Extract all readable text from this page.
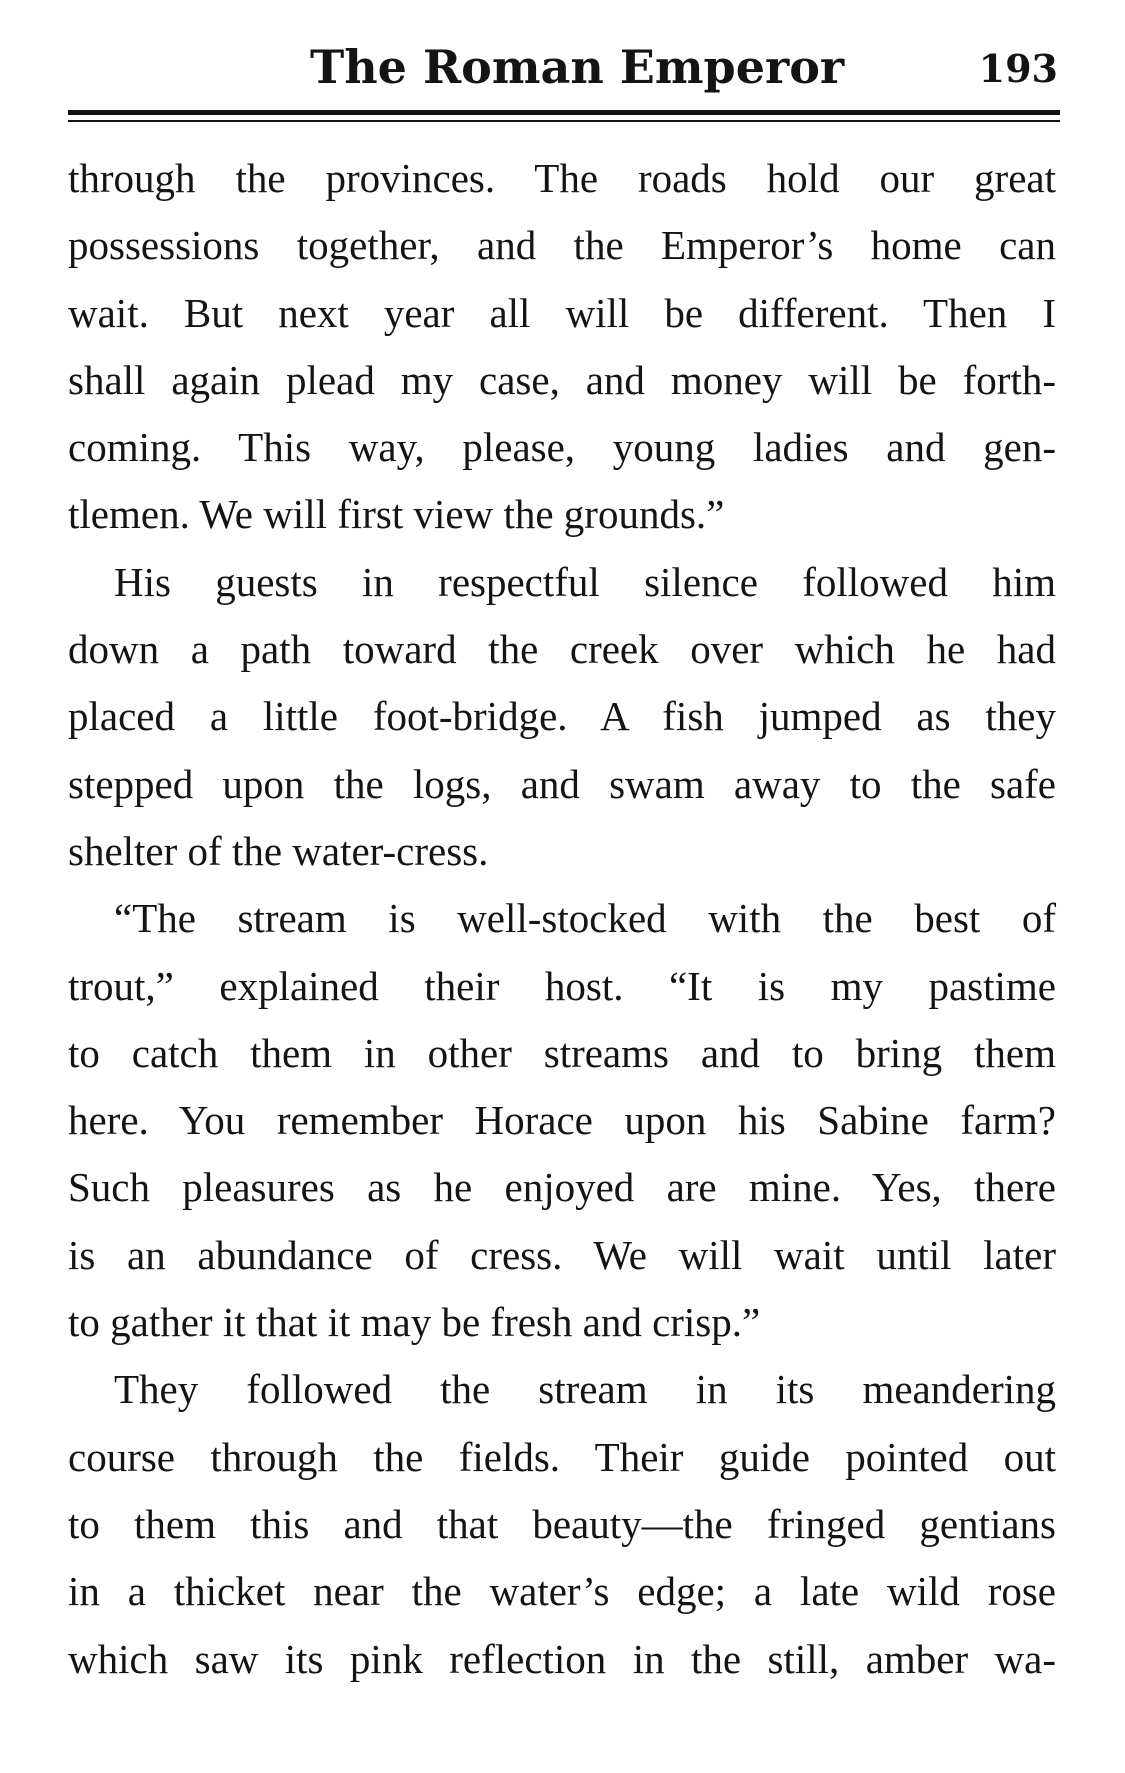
The Roman Emperor	193
through the provinces. The roads hold our great
possessions together, and the Emperor’s home can
wait. But next year all will be different. Then I
shall again plead my case, and money will be forth-
coming. This way, please, young ladies and gen-
tlemen. We will first view the grounds.”
His guests in respectful silence followed him
down a path toward the creek over which he had
placed a little foot-bridge. A fish jumped as they
stepped upon the logs, and swam away to the safe
shelter of the water-cress.
“The stream is well-stocked with the best of
trout,” explained their host. “It is my pastime
to catch them in other streams and to bring them
here. You remember Horace upon his Sabine farm?
Such pleasures as he enjoyed are mine. Yes, there
is an abundance of cress. We will wait until later
to gather it that it may be fresh and crisp.”
They followed the stream in its meandering
course through the fields. Their guide pointed out
to them this and that beauty—the fringed gentians
in a thicket near the water’s edge; a late wild rose
which saw its pink reflection in the still, amber wa-
